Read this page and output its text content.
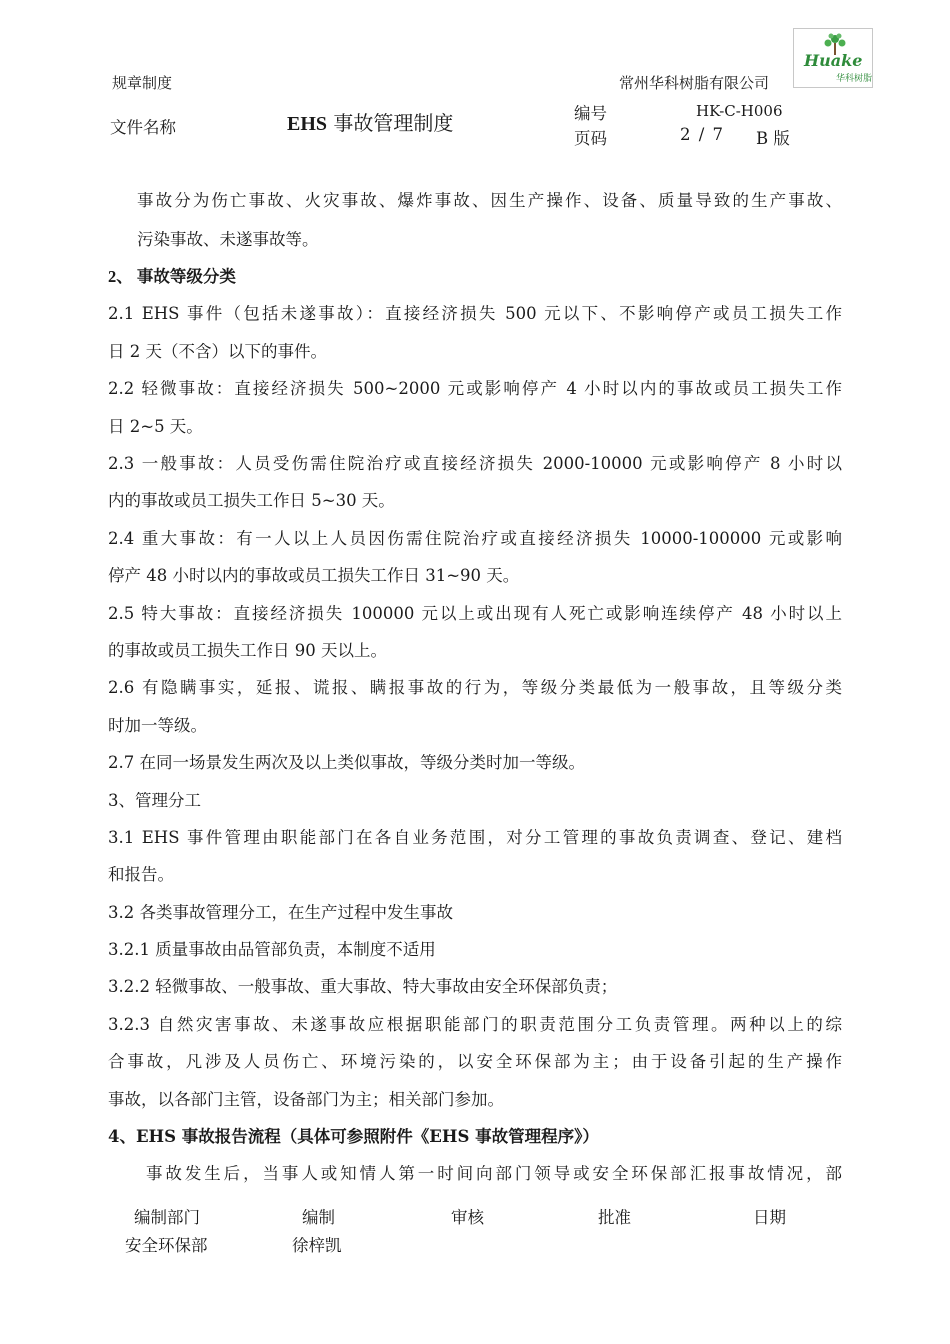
规章制度	常州华科树脂有限公司
Huake
华科树脂
文件名称	EHS 事故管理制度	编号	HK-C-H006
页码	2 / 7 B 版
事故分为伤亡事故、火灾事故、爆炸事故、因生产操作、设备、质量导致的生产事故、
污染事故、未遂事故等。
2、 事故等级分类
2.1 EHS 事件（包括未遂事故）：直接经济损失 500 元以下、不影响停产或员工损失工作
日 2 天（不含）以下的事件。
2.2 轻微事故：直接经济损失 500~2000 元或影响停产 4 小时以内的事故或员工损失工作
日 2~5 天。
2.3 一般事故：人员受伤需住院治疗或直接经济损失 2000-10000 元或影响停产 8 小时以
内的事故或员工损失工作日 5~30 天。
2.4 重大事故：有一人以上人员因伤需住院治疗或直接经济损失 10000-100000 元或影响
停产 48 小时以内的事故或员工损失工作日 31~90 天。
2.5 特大事故：直接经济损失 100000 元以上或出现有人死亡或影响连续停产 48 小时以上
的事故或员工损失工作日 90 天以上。
2.6 有隐瞒事实，延报、谎报、瞒报事故的行为，等级分类最低为一般事故，且等级分类
时加一等级。
2.7 在同一场景发生两次及以上类似事故，等级分类时加一等级。
3、管理分工
3.1 EHS 事件管理由职能部门在各自业务范围，对分工管理的事故负责调查、登记、建档
和报告。
3.2 各类事故管理分工，在生产过程中发生事故
3.2.1 质量事故由品管部负责，本制度不适用
3.2.2 轻微事故、一般事故、重大事故、特大事故由安全环保部负责；
3.2.3 自然灾害事故、未遂事故应根据职能部门的职责范围分工负责管理。两种以上的综
合事故，凡涉及人员伤亡、环境污染的，以安全环保部为主；由于设备引起的生产操作
事故，以各部门主管，设备部门为主；相关部门参加。
4、EHS 事故报告流程（具体可参照附件《EHS 事故管理程序》）
事故发生后，当事人或知情人第一时间向部门领导或安全环保部汇报事故情况，部
编制部门	编制	审核	批准	日期
安全环保部	徐梓凯
